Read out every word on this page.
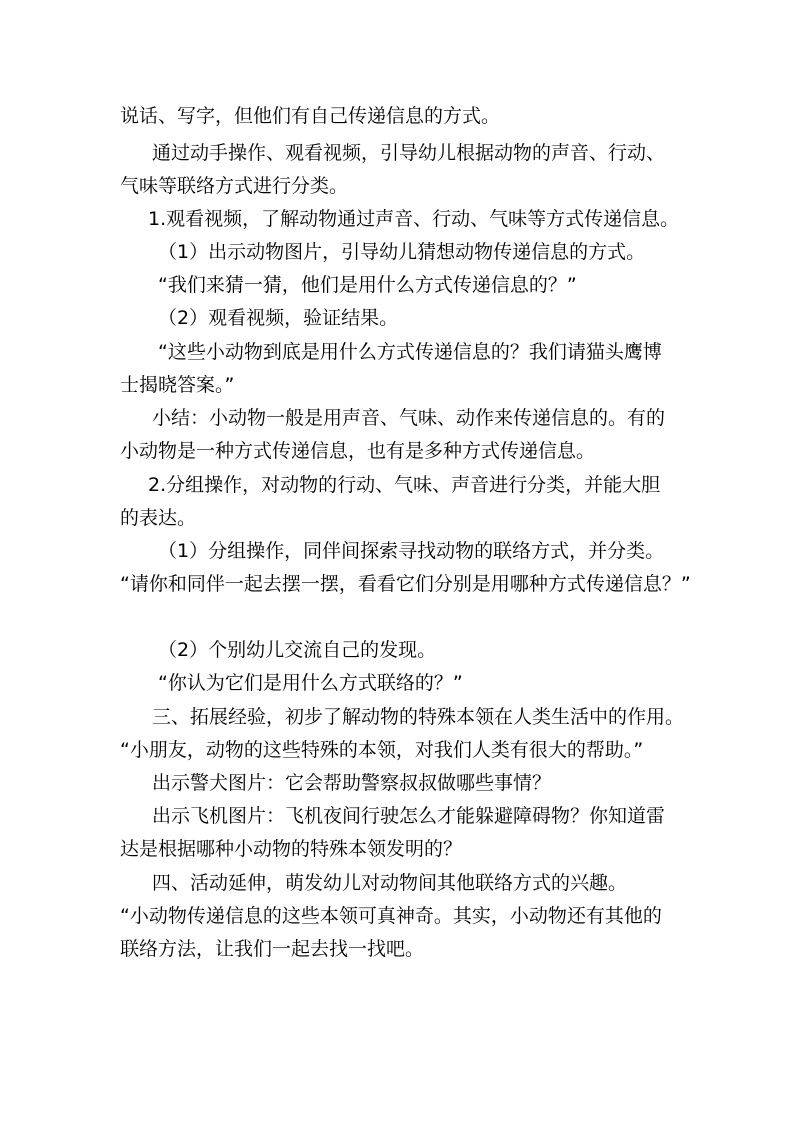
说话、写字，但他们有自己传递信息的方式。
通过动手操作、观看视频，引导幼儿根据动物的声音、行动、
气味等联络方式进行分类。
1.观看视频，了解动物通过声音、行动、气味等方式传递信息。
（1）出示动物图片，引导幼儿猜想动物传递信息的方式。
“我们来猜一猜，他们是用什么方式传递信息的？”
（2）观看视频，验证结果。
“这些小动物到底是用什么方式传递信息的？我们请猫头鹰博
士揭晓答案。”
小结：小动物一般是用声音、气味、动作来传递信息的。有的
小动物是一种方式传递信息，也有是多种方式传递信息。
2.分组操作，对动物的行动、气味、声音进行分类，并能大胆
的表达。
（1）分组操作，同伴间探索寻找动物的联络方式，并分类。
“请你和同伴一起去摆一摆，看看它们分别是用哪种方式传递信息？”
（2）个别幼儿交流自己的发现。
“你认为它们是用什么方式联络的？”
三、拓展经验，初步了解动物的特殊本领在人类生活中的作用。
“小朋友，动物的这些特殊的本领，对我们人类有很大的帮助。”
出示警犬图片：它会帮助警察叔叔做哪些事情？
出示飞机图片：飞机夜间行驶怎么才能躲避障碍物？你知道雷
达是根据哪种小动物的特殊本领发明的？
四、活动延伸，萌发幼儿对动物间其他联络方式的兴趣。
“小动物传递信息的这些本领可真神奇。其实，小动物还有其他的
联络方法，让我们一起去找一找吧。
